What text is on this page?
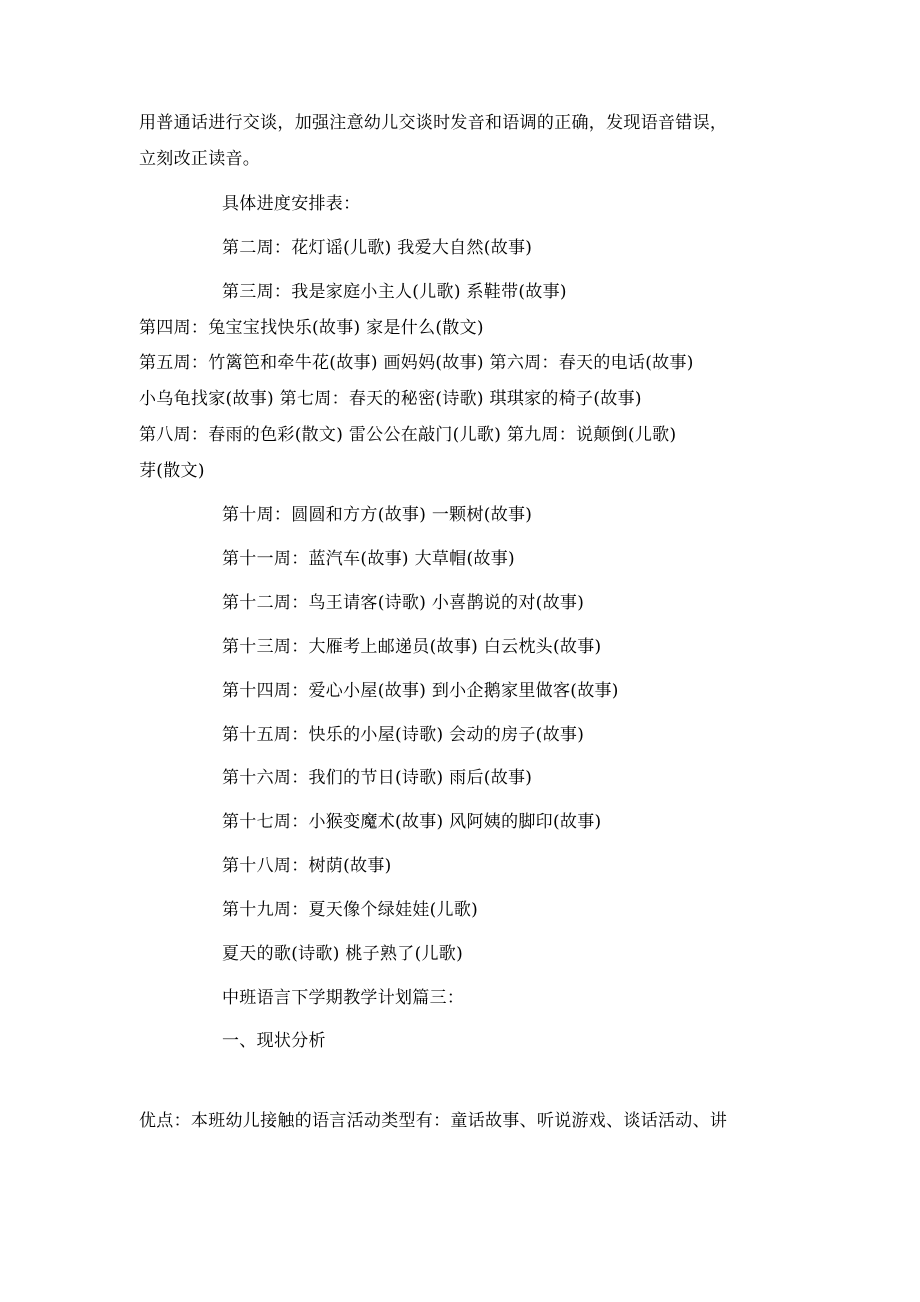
用普通话进行交谈，加强注意幼儿交谈时发音和语调的正确，发现语音错误，
立刻改正读音。
具体进度安排表：
第二周：花灯谣(儿歌) 我爱大自然(故事)
第三周：我是家庭小主人(儿歌) 系鞋带(故事)
第四周：兔宝宝找快乐(故事) 家是什么(散文)
第五周：竹篱笆和牵牛花(故事) 画妈妈(故事) 第六周：春天的电话(故事)
小乌龟找家(故事) 第七周：春天的秘密(诗歌) 琪琪家的椅子(故事)
第八周：春雨的色彩(散文) 雷公公在敲门(儿歌) 第九周：说颠倒(儿歌)
芽(散文)
第十周：圆圆和方方(故事) 一颗树(故事)
第十一周：蓝汽车(故事) 大草帽(故事)
第十二周：鸟王请客(诗歌) 小喜鹊说的对(故事)
第十三周：大雁考上邮递员(故事) 白云枕头(故事)
第十四周：爱心小屋(故事) 到小企鹅家里做客(故事)
第十五周：快乐的小屋(诗歌) 会动的房子(故事)
第十六周：我们的节日(诗歌) 雨后(故事)
第十七周：小猴变魔术(故事) 风阿姨的脚印(故事)
第十八周：树荫(故事)
第十九周：夏天像个绿娃娃(儿歌)
夏天的歌(诗歌) 桃子熟了(儿歌)
中班语言下学期教学计划篇三：
一、现状分析
优点：本班幼儿接触的语言活动类型有：童话故事、听说游戏、谈话活动、讲
